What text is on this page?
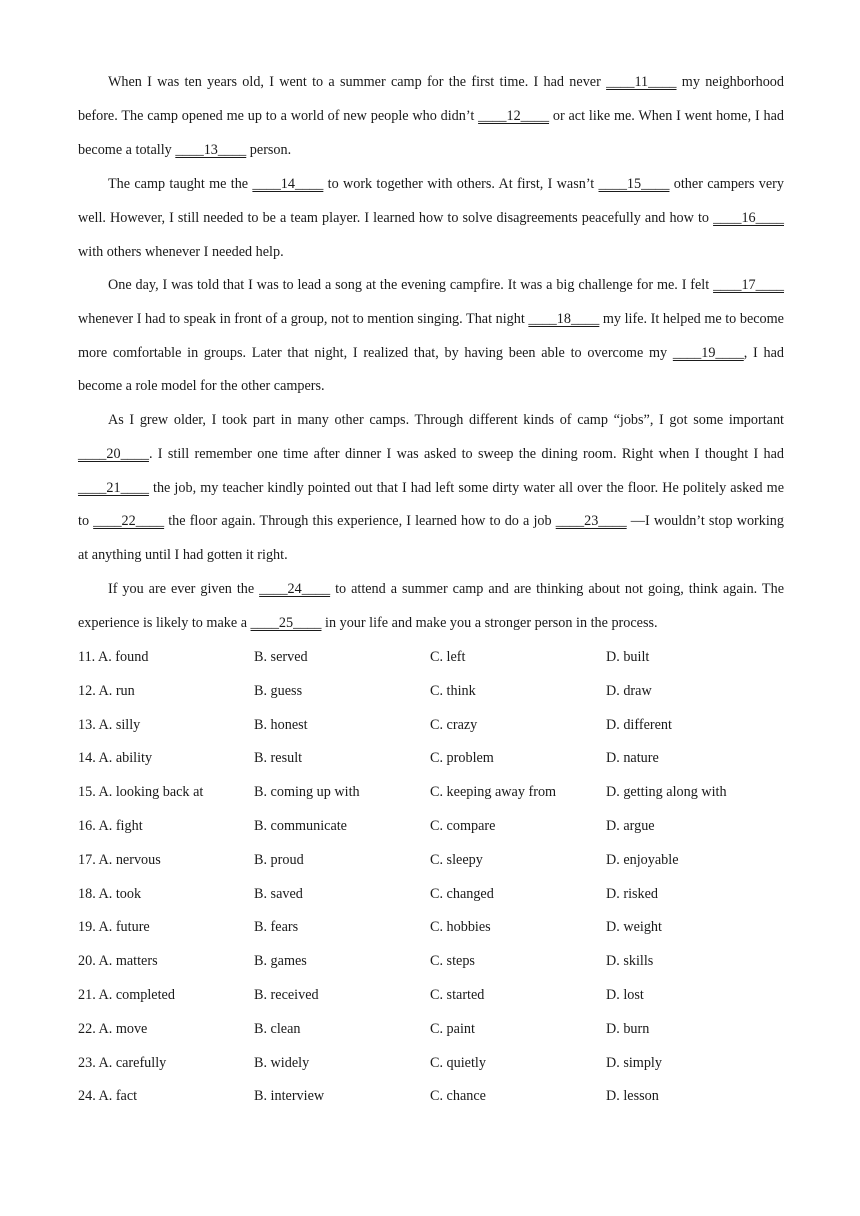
When I was ten years old, I went to a summer camp for the first time. I had never ____11____ my neighborhood before. The camp opened me up to a world of new people who didn’t ____12____ or act like me. When I went home, I had become a totally ____13____ person.

The camp taught me the ____14____ to work together with others. At first, I wasn’t ____15____ other campers very well. However, I still needed to be a team player. I learned how to solve disagreements peacefully and how to ____16____ with others whenever I needed help.

One day, I was told that I was to lead a song at the evening campfire. It was a big challenge for me. I felt ____17____ whenever I had to speak in front of a group, not to mention singing. That night ____18____ my life. It helped me to become more comfortable in groups. Later that night, I realized that, by having been able to overcome my ____19____, I had become a role model for the other campers.

As I grew older, I took part in many other camps. Through different kinds of camp “jobs”, I got some important ____20____. I still remember one time after dinner I was asked to sweep the dining room. Right when I thought I had ____21____ the job, my teacher kindly pointed out that I had left some dirty water all over the floor. He politely asked me to ____22____ the floor again. Through this experience, I learned how to do a job ____23____ —I wouldn’t stop working at anything until I had gotten it right.

If you are ever given the ____24____ to attend a summer camp and are thinking about not going, think again. The experience is likely to make a ____25____ in your life and make you a stronger person in the process.

11. A. found	B. served	C. left	D. built
12. A. run	B. guess	C. think	D. draw
13. A. silly	B. honest	C. crazy	D. different
14. A. ability	B. result	C. problem	D. nature
15. A. looking back at	B. coming up with	C. keeping away from	D. getting along with
16. A. fight	B. communicate	C. compare	D. argue
17. A. nervous	B. proud	C. sleepy	D. enjoyable
18. A. took	B. saved	C. changed	D. risked
19. A. future	B. fears	C. hobbies	D. weight
20. A. matters	B. games	C. steps	D. skills
21. A. completed	B. received	C. started	D. lost
22. A. move	B. clean	C. paint	D. burn
23. A. carefully	B. widely	C. quietly	D. simply
24. A. fact	B. interview	C. chance	D. lesson
